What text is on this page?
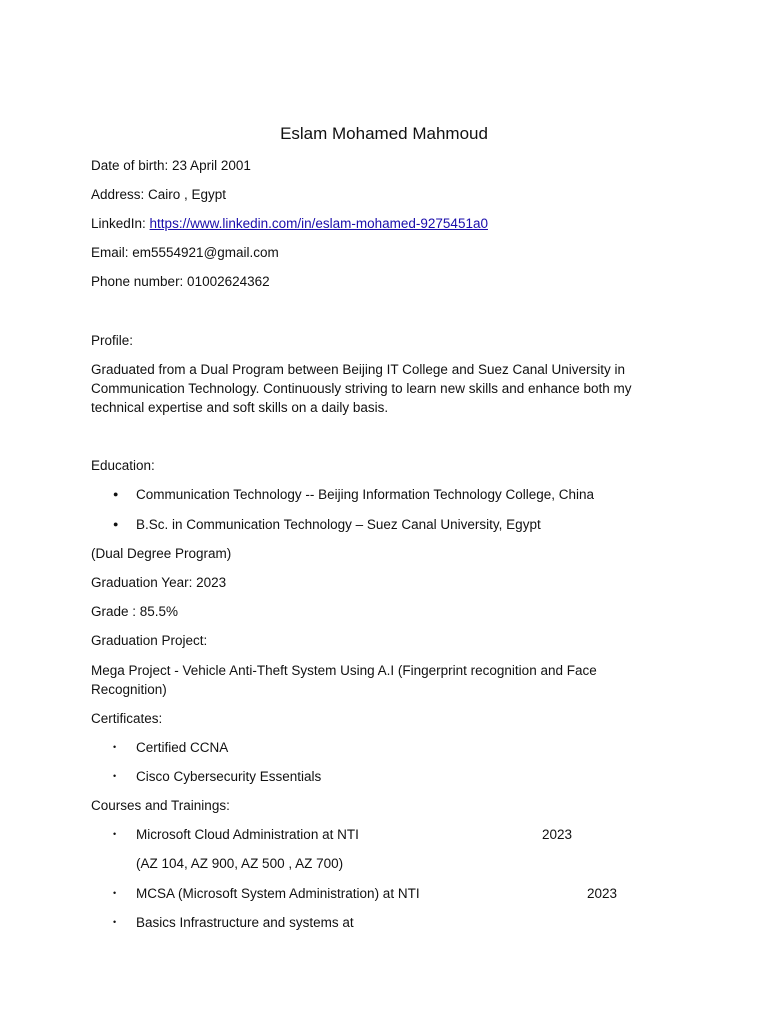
Eslam Mohamed Mahmoud
Date of birth: 23 April 2001
Address: Cairo , Egypt
LinkedIn: https://www.linkedin.com/in/eslam-mohamed-9275451a0
Email: em5554921@gmail.com
Phone number: 01002624362
Profile:
Graduated from a Dual Program between Beijing IT College and Suez Canal University in
Communication Technology. Continuously striving to learn new skills and enhance both my
technical expertise and soft skills on a daily basis.
Education:
● Communication Technology -- Beijing Information Technology College, China
● B.Sc. in Communication Technology – Suez Canal University, Egypt
(Dual Degree Program)
Graduation Year: 2023
Grade : 85.5%
Graduation Project:
Mega Project - Vehicle Anti-Theft System Using A.I (Fingerprint recognition and Face
Recognition)
Certificates:
• Certified CCNA
• Cisco Cybersecurity Essentials
Courses and Trainings:
• Microsoft Cloud Administration at NTI	2023
(AZ 104, AZ 900, AZ 500 , AZ 700)
• MCSA (Microsoft System Administration) at NTI	2023
• Basics Infrastructure and systems at
